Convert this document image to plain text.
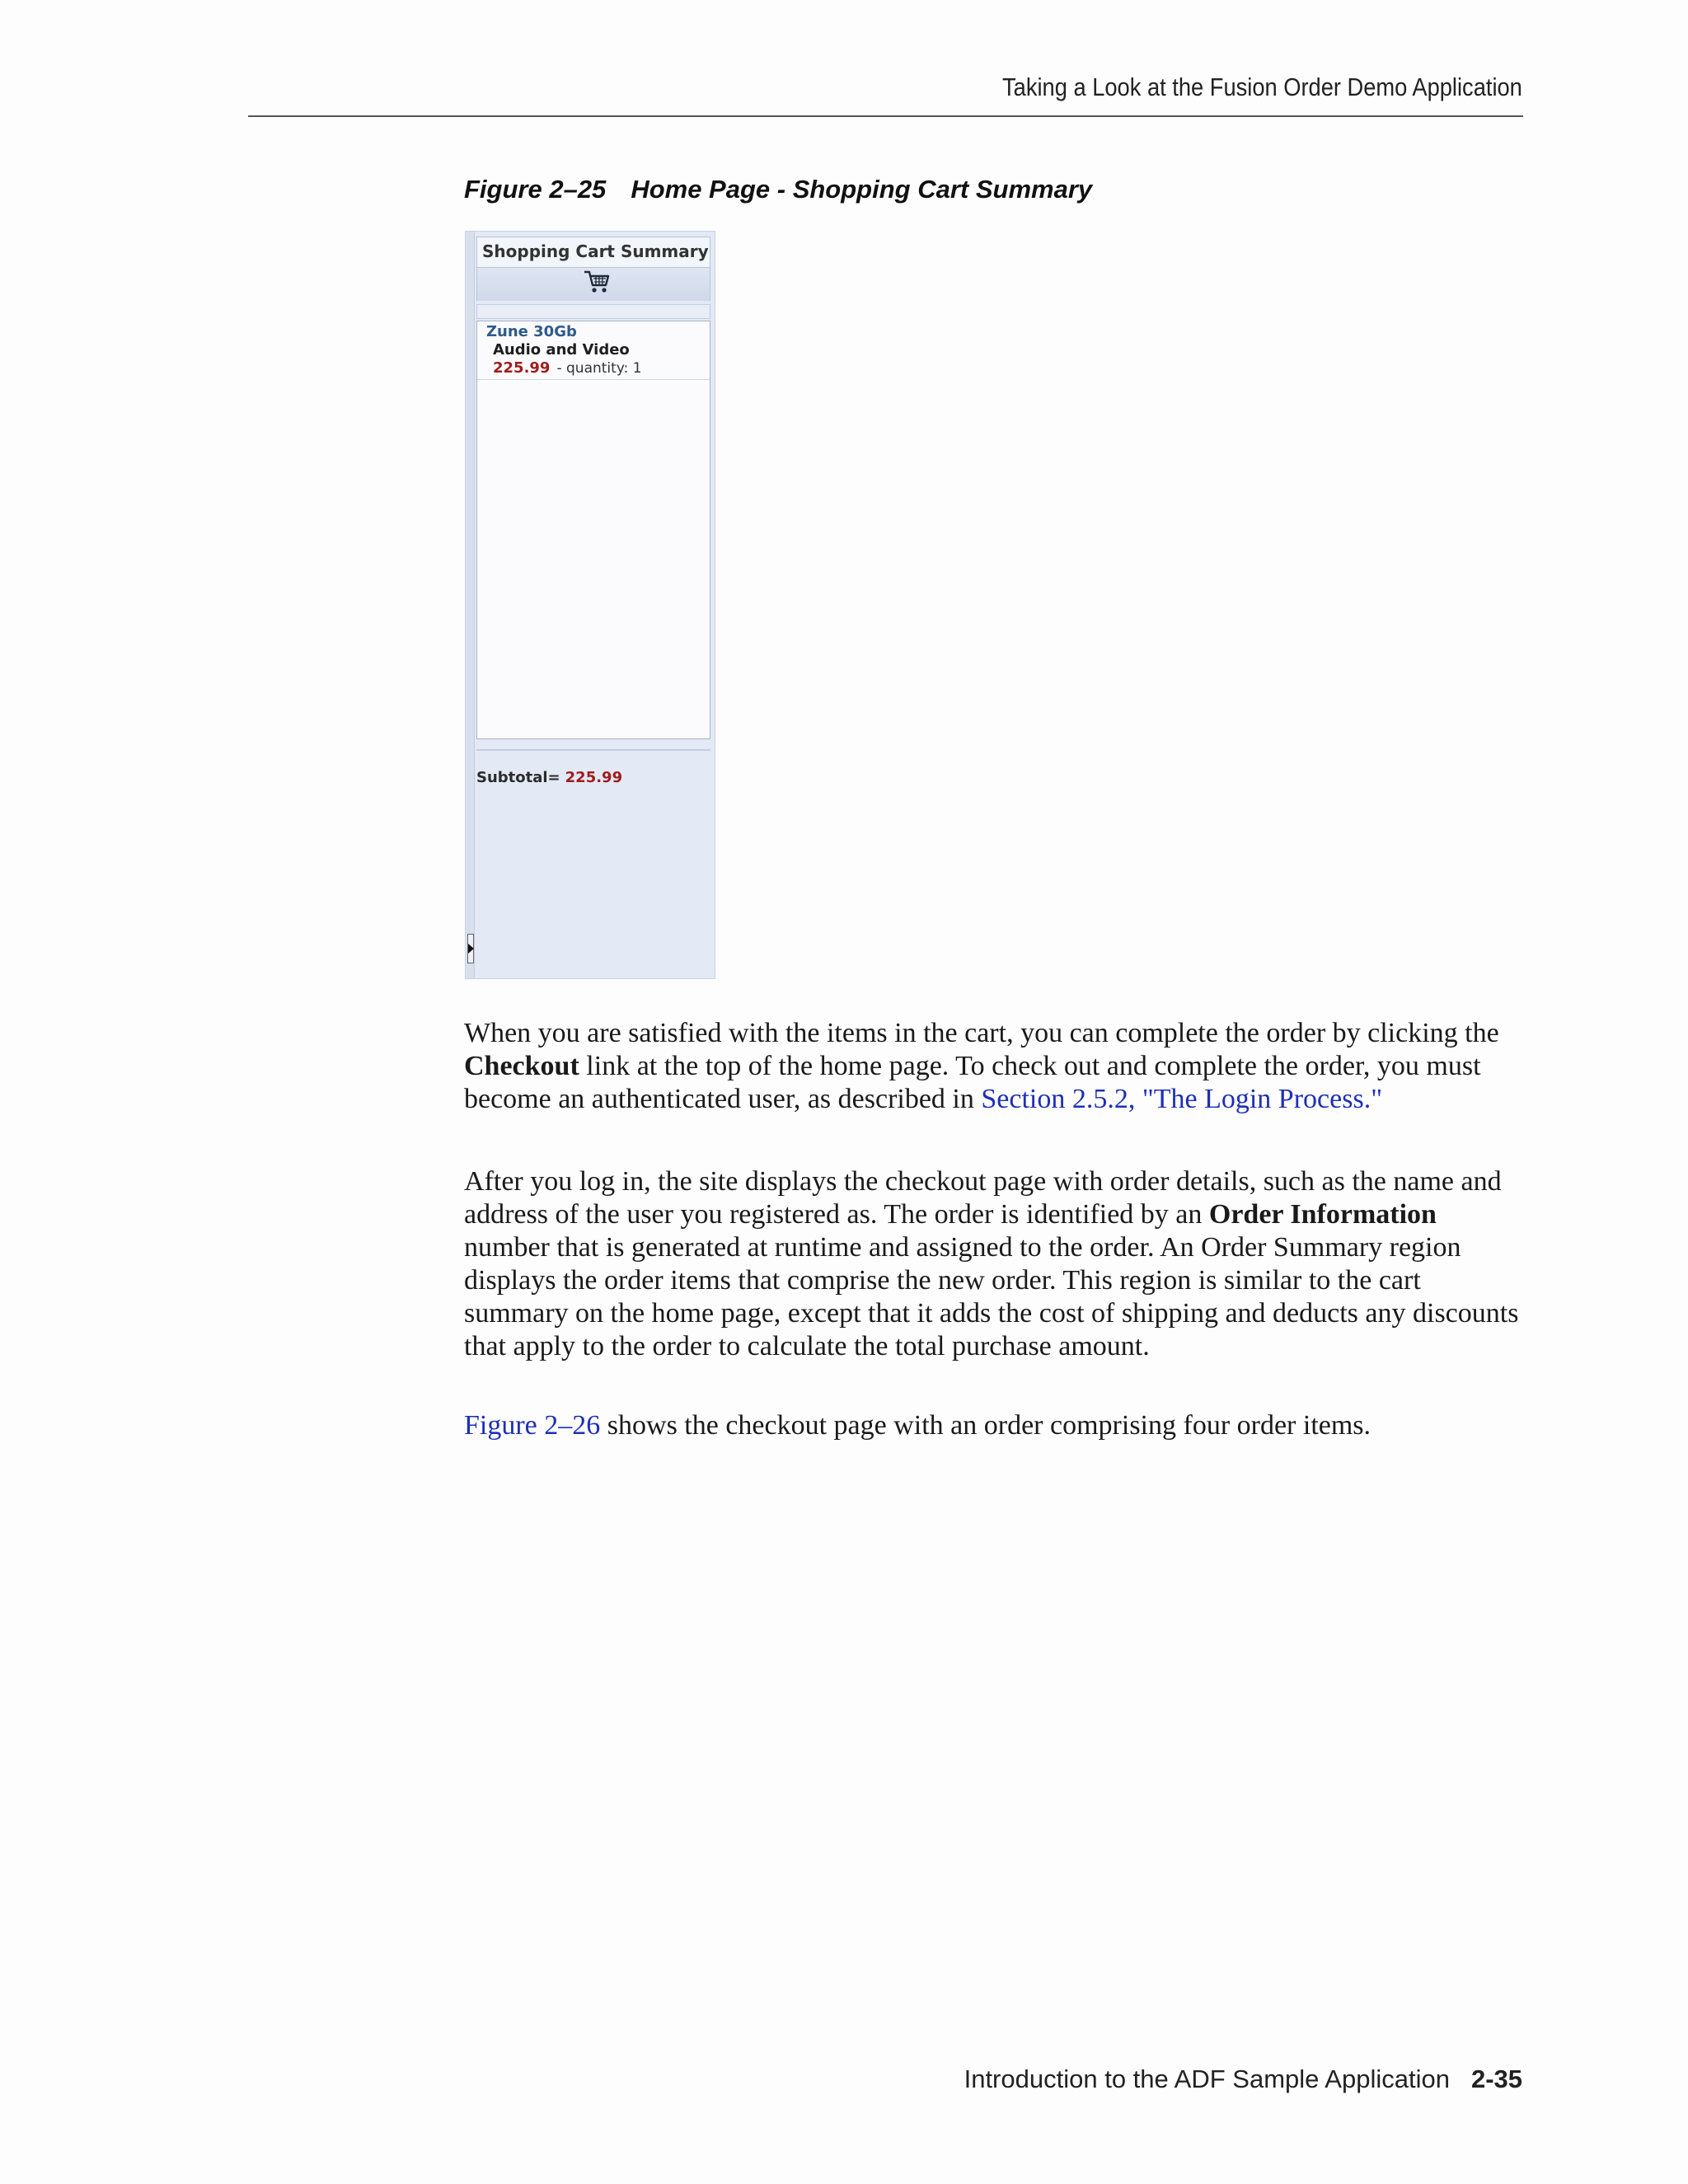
Taking a Look at the Fusion Order Demo Application
Figure 2–25 Home Page - Shopping Cart Summary
Shopping Cart Summary
Zune 30Gb
Audio and Video
225.99 - quantity: 1
Subtotal= 225.99
When you are satisfied with the items in the cart, you can complete the order by clicking the Checkout link at the top of the home page. To check out and complete the order, you must become an authenticated user, as described in Section 2.5.2, "The Login Process."
After you log in, the site displays the checkout page with order details, such as the name and address of the user you registered as. The order is identified by an Order Information number that is generated at runtime and assigned to the order. An Order Summary region displays the order items that comprise the new order. This region is similar to the cart summary on the home page, except that it adds the cost of shipping and deducts any discounts that apply to the order to calculate the total purchase amount.
Figure 2–26 shows the checkout page with an order comprising four order items.
Introduction to the ADF Sample Application 2-35
